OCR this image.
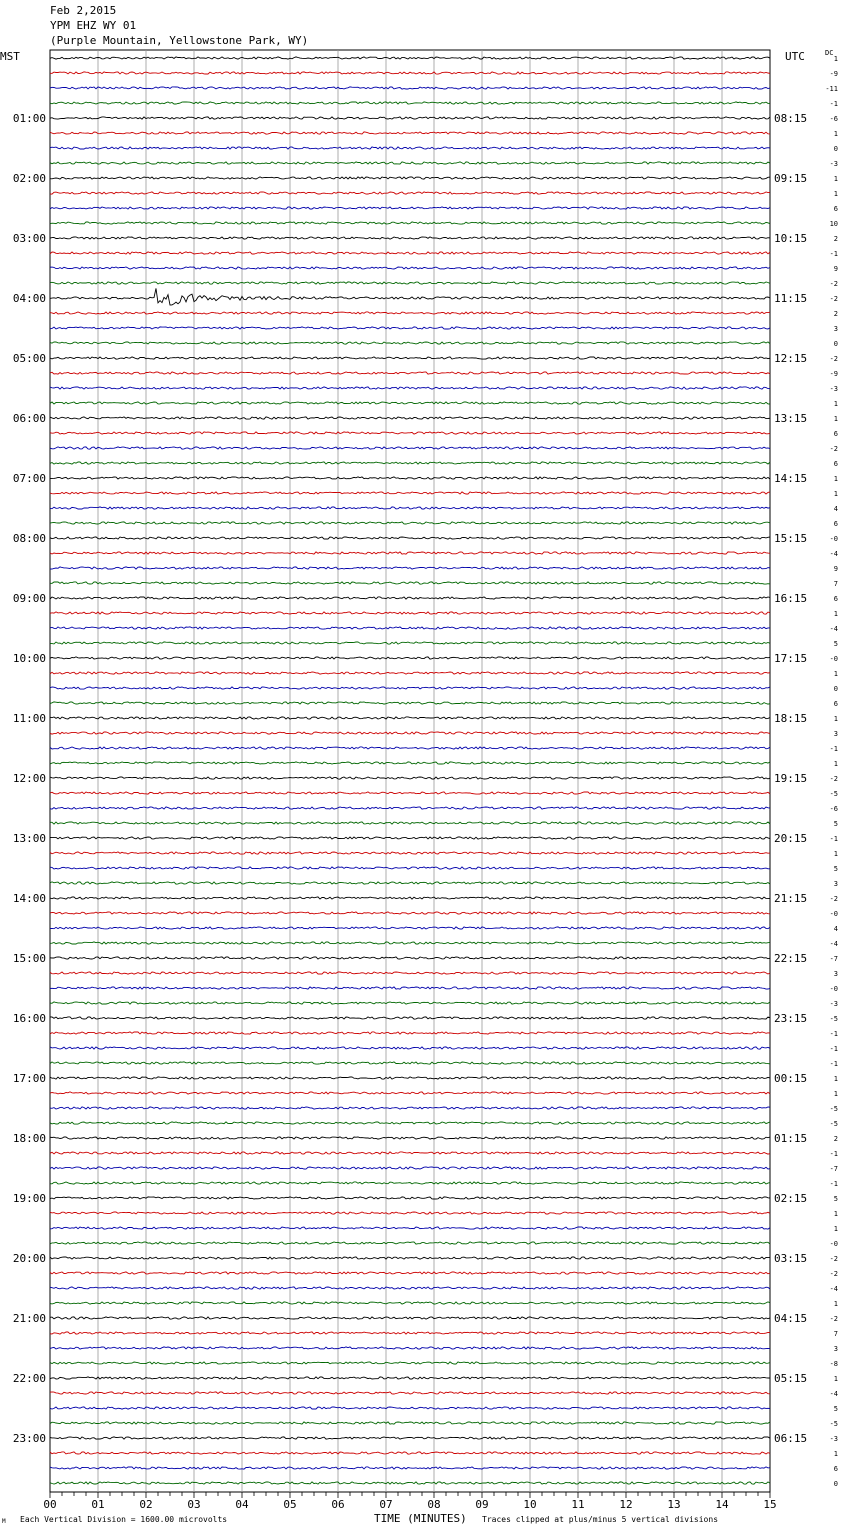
Feb 2,2015
YPM EHZ WY 01
(Purple Mountain, Yellowstone Park, WY)
MST	UTC	DC
1
-9
-11
-1
-6
1
0
-3
1
1
6
10
2
-1
9
-2
-2
2
3
0
-2
-9
-3
1
1
6
-2
6
1
1
4
6
-0
-4
9
7
6
1
-4
5
-0
1
0
6
1
3
-1
1
-2
-5
-6
5
-1
1
5
3
-2
-0
4
-4
-7
3
-0
-3
-5
-1
-1
-1
1
1
-5
-5
2
-1
-7
-1
5
1
1
-0
-2
-2
-4
1
-2
7
3
-8
1
-4
5
-5
-3
1
6
0
01:00	08:15
02:00	09:15
03:00	10:15
04:00	11:15
05:00	12:15
06:00	13:15
07:00	14:15
08:00	15:15
09:00	16:15
10:00	17:15
11:00	18:15
12:00	19:15
13:00	20:15
14:00	21:15
15:00	22:15
16:00	23:15
17:00	00:15
18:00	01:15
19:00	02:15
20:00	03:15
21:00	04:15
22:00	05:15
23:00	06:15
00	01	02	03	04	05	06	07	08	09	10	11	12	13	14	15
Each Vertical Division = 1600.00 microvolts	TIME (MINUTES) Traces clipped at plus/minus 5 vertical divisions
M
